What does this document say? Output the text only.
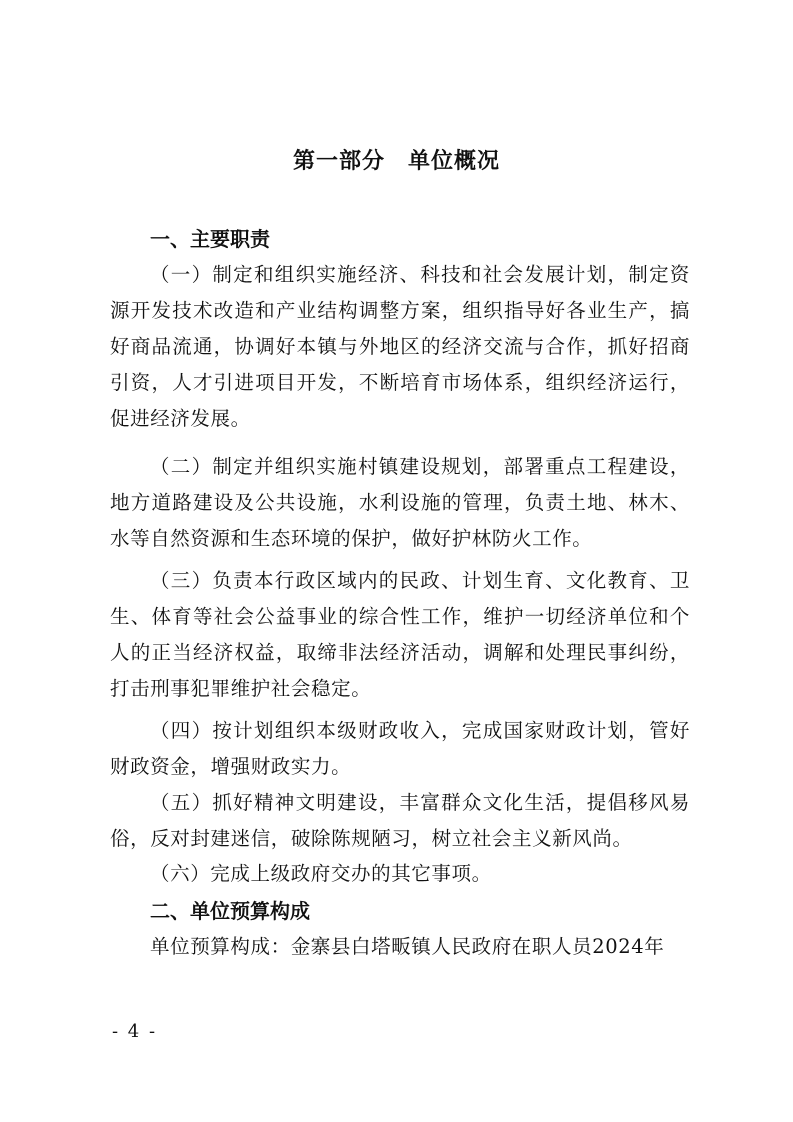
第一部分　单位概况
一、主要职责

（一）制定和组织实施经济、科技和社会发展计划，制定资源开发技术改造和产业结构调整方案，组织指导好各业生产，搞好商品流通，协调好本镇与外地区的经济交流与合作，抓好招商引资，人才引进项目开发，不断培育市场体系，组织经济运行，促进经济发展。

（二）制定并组织实施村镇建设规划，部署重点工程建设，地方道路建设及公共设施，水利设施的管理，负责土地、林木、水等自然资源和生态环境的保护，做好护林防火工作。

（三）负责本行政区域内的民政、计划生育、文化教育、卫生、体育等社会公益事业的综合性工作，维护一切经济单位和个人的正当经济权益，取缔非法经济活动，调解和处理民事纠纷，打击刑事犯罪维护社会稳定。

（四）按计划组织本级财政收入，完成国家财政计划，管好财政资金，增强财政实力。

（五）抓好精神文明建设，丰富群众文化生活，提倡移风易俗，反对封建迷信，破除陈规陋习，树立社会主义新风尚。

（六）完成上级政府交办的其它事项。

二、单位预算构成

单位预算构成：金寨县白塔畈镇人民政府在职人员2024年

- 4 -
